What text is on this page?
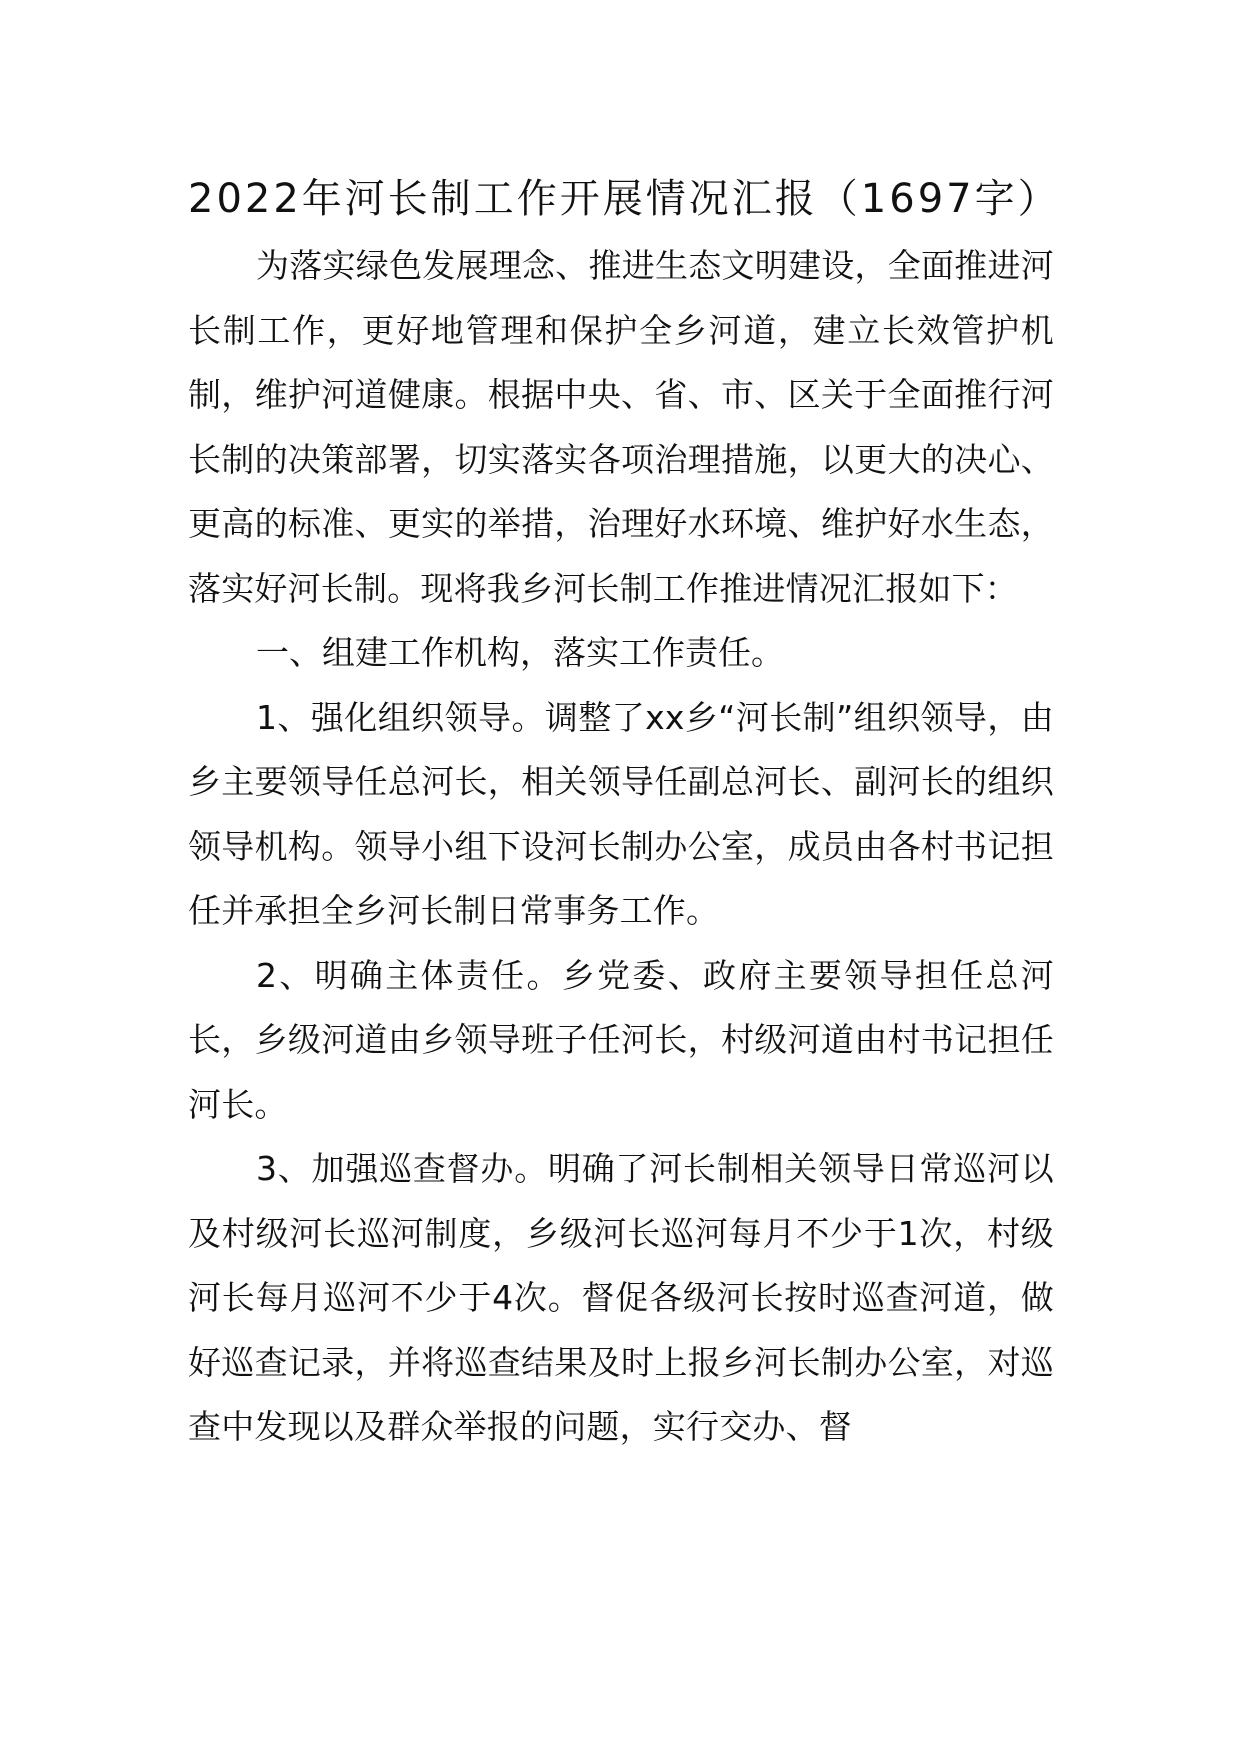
2022年河长制工作开展情况汇报（1697字）

为落实绿色发展理念、推进生态文明建设，全面推进河长制工作，更好地管理和保护全乡河道，建立长效管护机制，维护河道健康。根据中央、省、市、区关于全面推行河长制的决策部署，切实落实各项治理措施，以更大的决心、更高的标准、更实的举措，治理好水环境、维护好水生态，落实好河长制。现将我乡河长制工作推进情况汇报如下：

一、组建工作机构，落实工作责任。

1、强化组织领导。调整了xx乡“河长制”组织领导，由乡主要领导任总河长，相关领导任副总河长、副河长的组织领导机构。领导小组下设河长制办公室，成员由各村书记担任并承担全乡河长制日常事务工作。

2、明确主体责任。乡党委、政府主要领导担任总河长，乡级河道由乡领导班子任河长，村级河道由村书记担任河长。

3、加强巡查督办。明确了河长制相关领导日常巡河以及村级河长巡河制度，乡级河长巡河每月不少于1次，村级河长每月巡河不少于4次。督促各级河长按时巡查河道，做好巡查记录，并将巡查结果及时上报乡河长制办公室，对巡查中发现以及群众举报的问题，实行交办、督
